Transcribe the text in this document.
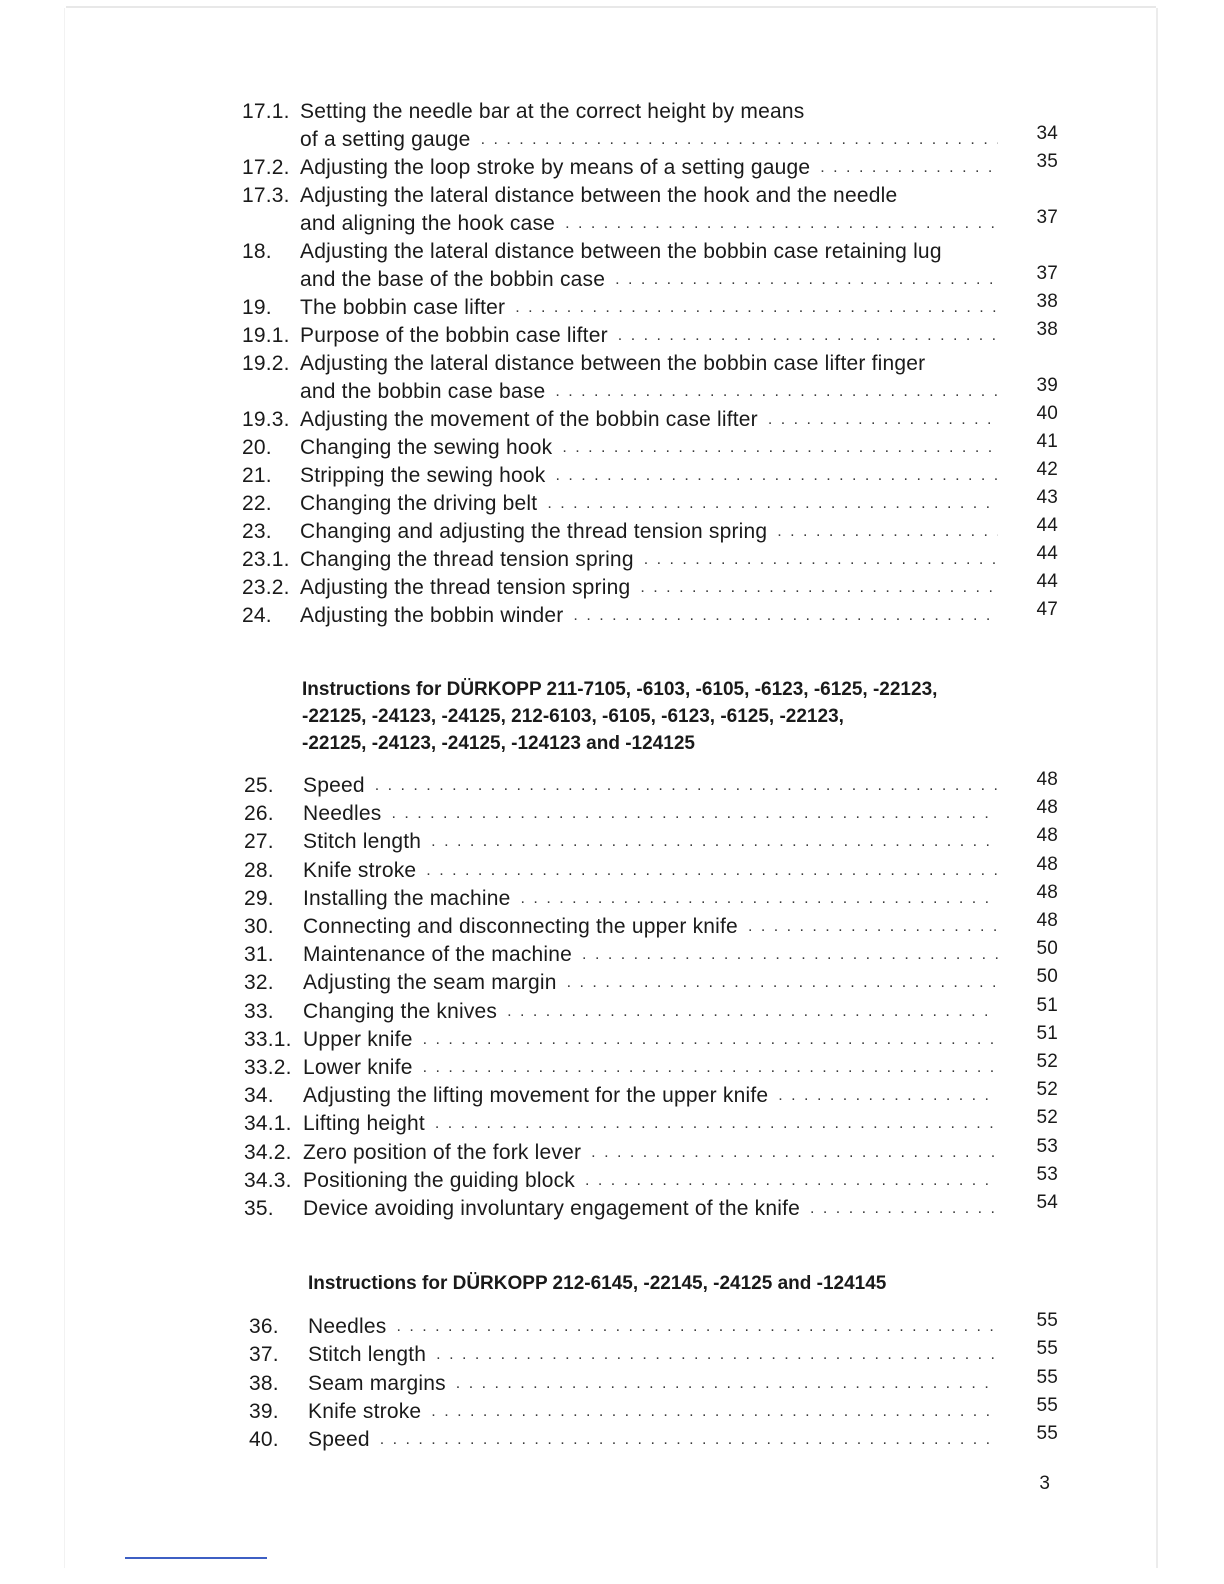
17.1. Setting the needle bar at the correct height by means
of a setting gauge . . .	34
17.2. Adjusting the loop stroke by means of a setting gauge . . .	35
17.3. Adjusting the lateral distance between the hook and the needle
and aligning the hook case . . .	37
18. Adjusting the lateral distance between the bobbin case retaining lug
and the base of the bobbin case . . .	37
19. The bobbin case lifter . . .	38
19.1. Purpose of the bobbin case lifter . . .	38
19.2. Adjusting the lateral distance between the bobbin case lifter finger
and the bobbin case base . . .	39
19.3. Adjusting the movement of the bobbin case lifter . . .	40
20. Changing the sewing hook . . .	41
21. Stripping the sewing hook . . .	42
22. Changing the driving belt . . .	43
23. Changing and adjusting the thread tension spring . . .	44
23.1. Changing the thread tension spring . . .	44
23.2. Adjusting the thread tension spring . . .	44
24. Adjusting the bobbin winder . . .	47
25. Speed . . .	48
26. Needles . . .	48
27. Stitch length . . .	48
28. Knife stroke . . .	48
29. Installing the machine . . .	48
30. Connecting and disconnecting the upper knife . . .	48
31. Maintenance of the machine . . .	50
32. Adjusting the seam margin . . .	50
33. Changing the knives . . .	51
33.1. Upper knife . . .	51
33.2. Lower knife . . .	52
34. Adjusting the lifting movement for the upper knife . . .	52
34.1. Lifting height . . .	52
34.2. Zero position of the fork lever . . .	53
34.3. Positioning the guiding block . . .	53
35. Device avoiding involuntary engagement of the knife . . .	54
36. Needles . . .	55
37. Stitch length . . .	55
38. Seam margins . . .	55
39. Knife stroke . . .	55
40. Speed . . .	55
Instructions for DÜRKOPP 211-7105, -6103, -6105, -6123, -6125, -22123,
-22125, -24123, -24125, 212-6103, -6105, -6123, -6125, -22123,
-22125, -24123, -24125, -124123 and -124125
Instructions for DÜRKOPP 212-6145, -22145, -24125 and -124145
3
